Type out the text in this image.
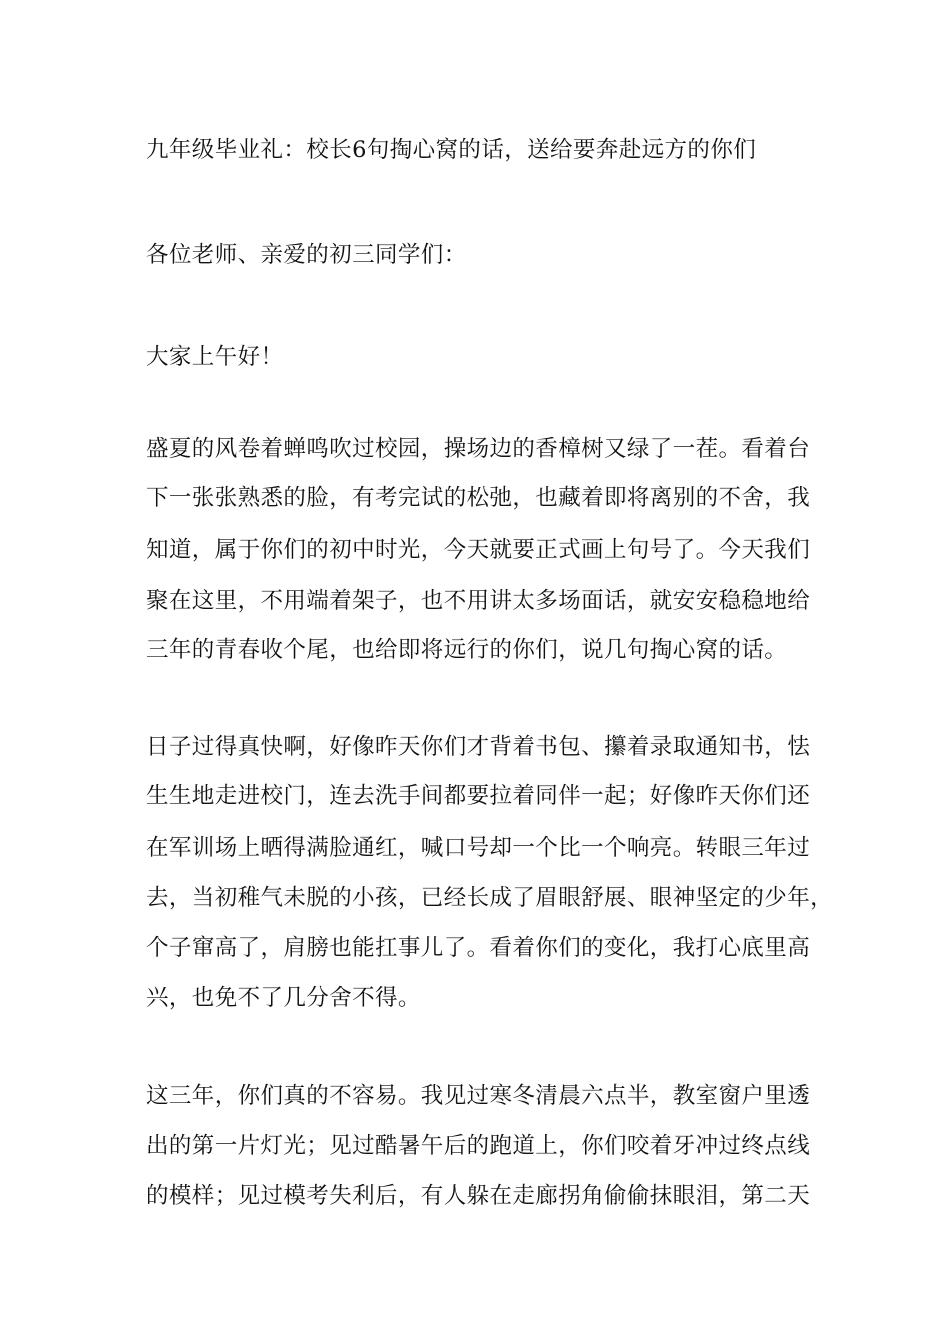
九年级毕业礼：校长6句掏心窝的话，送给要奔赴远方的你们
各位老师、亲爱的初三同学们：
大家上午好！
盛夏的风卷着蝉鸣吹过校园，操场边的香樟树又绿了一茬。看着台
下一张张熟悉的脸，有考完试的松弛，也藏着即将离别的不舍，我
知道，属于你们的初中时光，今天就要正式画上句号了。今天我们
聚在这里，不用端着架子，也不用讲太多场面话，就安安稳稳地给
三年的青春收个尾，也给即将远行的你们，说几句掏心窝的话。
日子过得真快啊，好像昨天你们才背着书包、攥着录取通知书，怯
生生地走进校门，连去洗手间都要拉着同伴一起；好像昨天你们还
在军训场上晒得满脸通红，喊口号却一个比一个响亮。转眼三年过
去，当初稚气未脱的小孩，已经长成了眉眼舒展、眼神坚定的少年，
个子窜高了，肩膀也能扛事儿了。看着你们的变化，我打心底里高
兴，也免不了几分舍不得。
这三年，你们真的不容易。我见过寒冬清晨六点半，教室窗户里透
出的第一片灯光；见过酷暑午后的跑道上，你们咬着牙冲过终点线
的模样；见过模考失利后，有人躲在走廊拐角偷偷抹眼泪，第二天
